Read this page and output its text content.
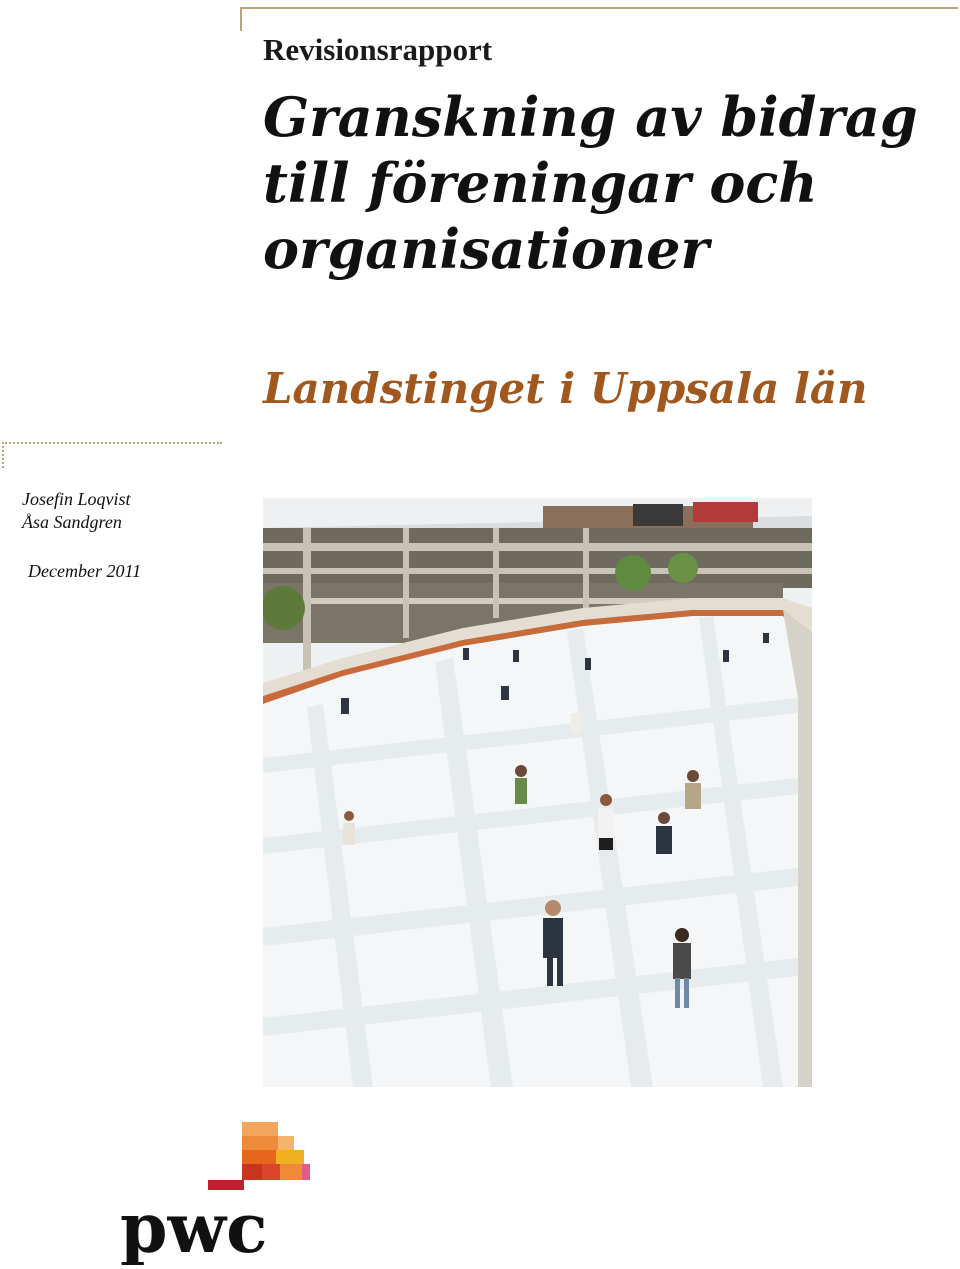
Revisionsrapport
Granskning av bidrag
till föreningar och
organisationer
Landstinget i Uppsala län
Josefin Loqvist
Åsa Sandgren
December 2011
pwc
